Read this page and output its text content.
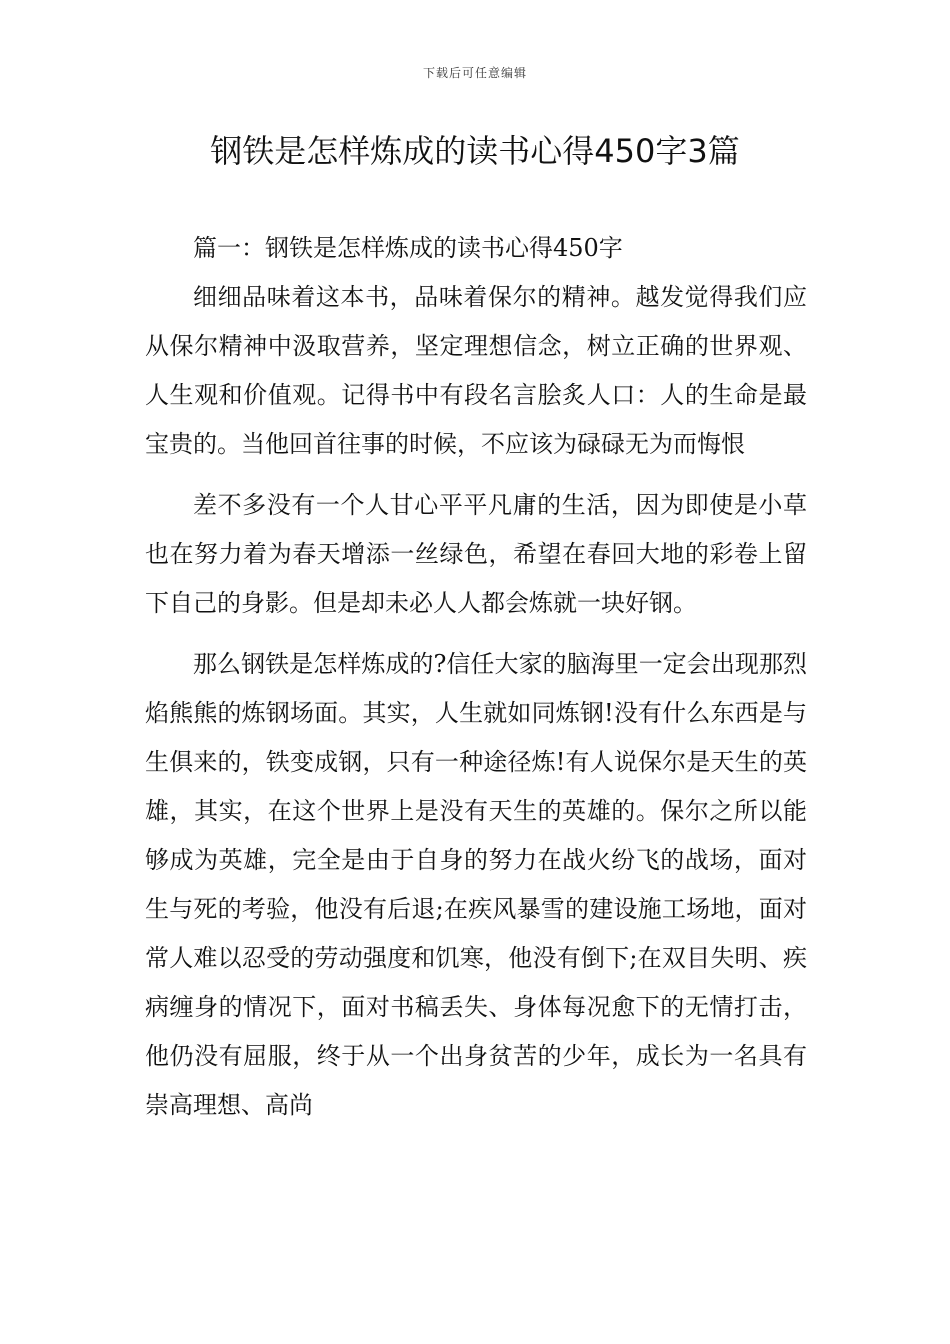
下载后可任意编辑
钢铁是怎样炼成的读书心得450字3篇

篇一：钢铁是怎样炼成的读书心得450字

细细品味着这本书，品味着保尔的精神。越发觉得我们应从保尔精神中汲取营养，坚定理想信念，树立正确的世界观、人生观和价值观。记得书中有段名言脍炙人口：人的生命是最宝贵的。当他回首往事的时候，不应该为碌碌无为而悔恨

差不多没有一个人甘心平平凡庸的生活，因为即使是小草也在努力着为春天增添一丝绿色，希望在春回大地的彩卷上留下自己的身影。但是却未必人人都会炼就一块好钢。

那么钢铁是怎样炼成的?信任大家的脑海里一定会出现那烈焰熊熊的炼钢场面。其实，人生就如同炼钢!没有什么东西是与生俱来的，铁变成钢，只有一种途径炼!有人说保尔是天生的英雄，其实，在这个世界上是没有天生的英雄的。保尔之所以能够成为英雄，完全是由于自身的努力在战火纷飞的战场，面对生与死的考验，他没有后退;在疾风暴雪的建设施工场地，面对常人难以忍受的劳动强度和饥寒，他没有倒下;在双目失明、疾病缠身的情况下，面对书稿丢失、身体每况愈下的无情打击，他仍没有屈服，终于从一个出身贫苦的少年，成长为一名具有崇高理想、高尚
